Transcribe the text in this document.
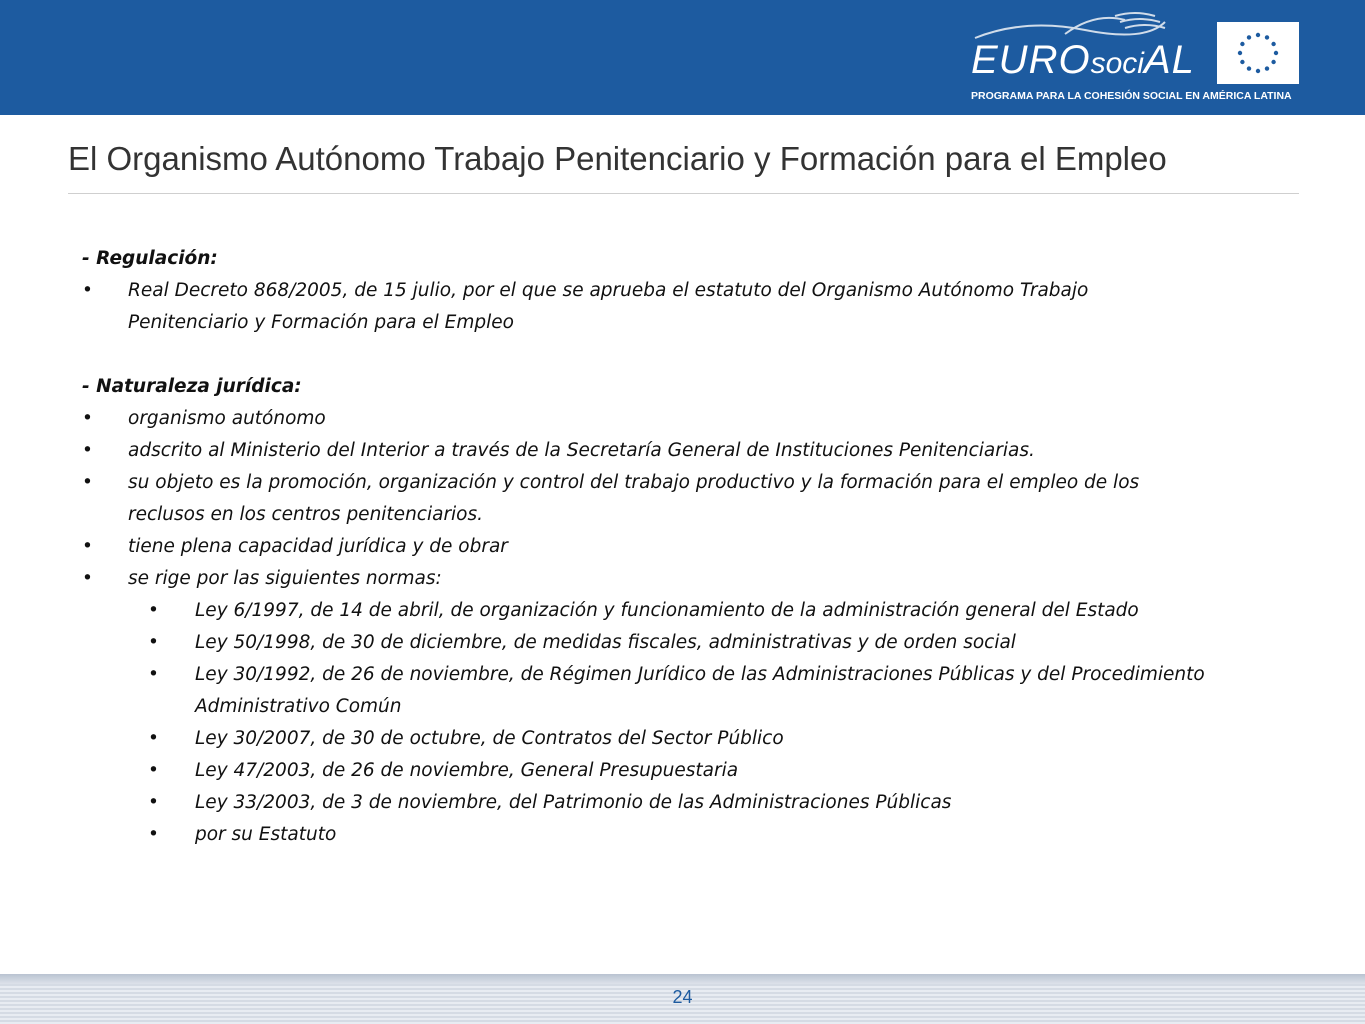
EUROsociAL
PROGRAMA PARA LA COHESIÓN SOCIAL EN AMÉRICA LATINA
El Organismo Autónomo Trabajo Penitenciario y Formación para el Empleo
- Regulación:
• Real Decreto 868/2005, de 15 julio, por el que se aprueba el estatuto del Organismo Autónomo Trabajo
Penitenciario y Formación para el Empleo
- Naturaleza jurídica:
• organismo autónomo
• adscrito al Ministerio del Interior a través de la Secretaría General de Instituciones Penitenciarias.
• su objeto es la promoción, organización y control del trabajo productivo y la formación para el empleo de los
reclusos en los centros penitenciarios.
• tiene plena capacidad jurídica y de obrar
• se rige por las siguientes normas:
• Ley 6/1997, de 14 de abril, de organización y funcionamiento de la administración general del Estado
• Ley 50/1998, de 30 de diciembre, de medidas fiscales, administrativas y de orden social
• Ley 30/1992, de 26 de noviembre, de Régimen Jurídico de las Administraciones Públicas y del Procedimiento
Administrativo Común
• Ley 30/2007, de 30 de octubre, de Contratos del Sector Público
• Ley 47/2003, de 26 de noviembre, General Presupuestaria
• Ley 33/2003, de 3 de noviembre, del Patrimonio de las Administraciones Públicas
• por su Estatuto
24
